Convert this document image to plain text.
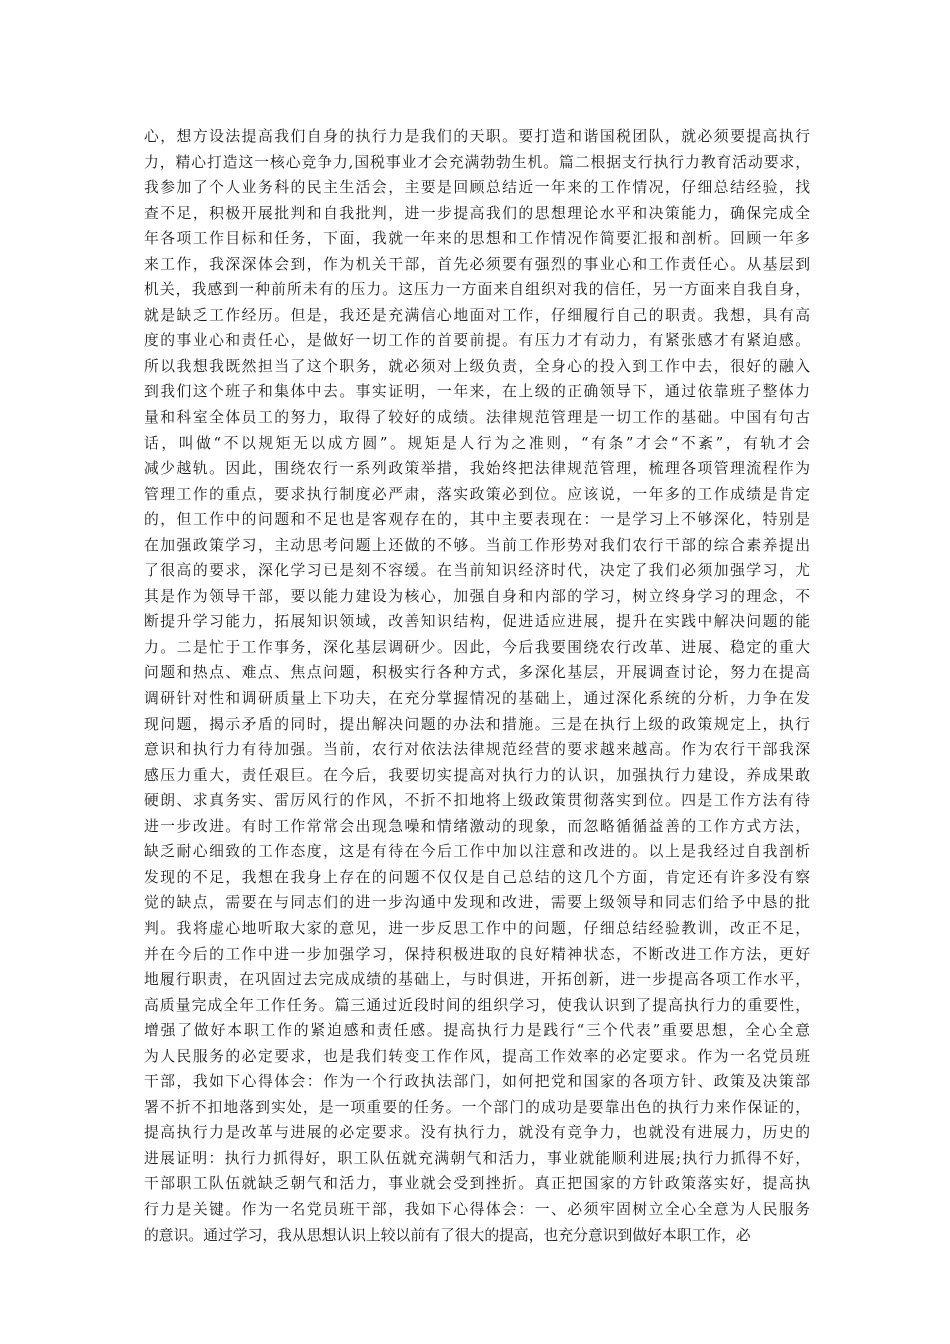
心，想方设法提高我们自身的执行力是我们的天职。要打造和谐国税团队，就必须要提高执行
力，精心打造这一核心竞争力,国税事业才会充满勃勃生机。篇二根据支行执行力教育活动要求，
我参加了个人业务科的民主生活会，主要是回顾总结近一年来的工作情况，仔细总结经验，找
查不足，积极开展批判和自我批判，进一步提高我们的思想理论水平和决策能力，确保完成全
年各项工作目标和任务，下面，我就一年来的思想和工作情况作简要汇报和剖析。回顾一年多
来工作，我深深体会到，作为机关干部，首先必须要有强烈的事业心和工作责任心。从基层到
机关，我感到一种前所未有的压力。这压力一方面来自组织对我的信任，另一方面来自我自身，
就是缺乏工作经历。但是，我还是充满信心地面对工作，仔细履行自己的职责。我想，具有高
度的事业心和责任心，是做好一切工作的首要前提。有压力才有动力，有紧张感才有紧迫感。
所以我想我既然担当了这个职务，就必须对上级负责，全身心的投入到工作中去，很好的融入
到我们这个班子和集体中去。事实证明，一年来，在上级的正确领导下，通过依靠班子整体力
量和科室全体员工的努力，取得了较好的成绩。法律规范管理是一切工作的基础。中国有句古
话，叫做“不以规矩无以成方圆”。规矩是人行为之准则，“有条”才会“不紊”，有轨才会
减少越轨。因此，围绕农行一系列政策举措，我始终把法律规范管理，梳理各项管理流程作为
管理工作的重点，要求执行制度必严肃，落实政策必到位。应该说，一年多的工作成绩是肯定
的，但工作中的问题和不足也是客观存在的，其中主要表现在：一是学习上不够深化，特别是
在加强政策学习，主动思考问题上还做的不够。当前工作形势对我们农行干部的综合素养提出
了很高的要求，深化学习已是刻不容缓。在当前知识经济时代，决定了我们必须加强学习，尤
其是作为领导干部，要以能力建设为核心，加强自身和内部的学习，树立终身学习的理念，不
断提升学习能力，拓展知识领域，改善知识结构，促进适应进展，提升在实践中解决问题的能
力。二是忙于工作事务，深化基层调研少。因此，今后我要围绕农行改革、进展、稳定的重大
问题和热点、难点、焦点问题，积极实行各种方式，多深化基层，开展调查讨论，努力在提高
调研针对性和调研质量上下功夫，在充分掌握情况的基础上，通过深化系统的分析，力争在发
现问题，揭示矛盾的同时，提出解决问题的办法和措施。三是在执行上级的政策规定上，执行
意识和执行力有待加强。当前，农行对依法法律规范经营的要求越来越高。作为农行干部我深
感压力重大，责任艰巨。在今后，我要切实提高对执行力的认识，加强执行力建设，养成果敢
硬朗、求真务实、雷厉风行的作风，不折不扣地将上级政策贯彻落实到位。四是工作方法有待
进一步改进。有时工作常常会出现急噪和情绪激动的现象，而忽略循循益善的工作方式方法，
缺乏耐心细致的工作态度，这是有待在今后工作中加以注意和改进的。以上是我经过自我剖析
发现的不足，我想在我身上存在的问题不仅仅是自己总结的这几个方面，肯定还有许多没有察
觉的缺点，需要在与同志们的进一步沟通中发现和改进，需要上级领导和同志们给予中恳的批
判。我将虚心地听取大家的意见，进一步反思工作中的问题，仔细总结经验教训，改正不足，
并在今后的工作中进一步加强学习，保持积极进取的良好精神状态，不断改进工作方法，更好
地履行职责，在巩固过去完成成绩的基础上，与时俱进，开拓创新，进一步提高各项工作水平，
高质量完成全年工作任务。篇三通过近段时间的组织学习，使我认识到了提高执行力的重要性，
增强了做好本职工作的紧迫感和责任感。提高执行力是践行“三个代表”重要思想，全心全意
为人民服务的必定要求，也是我们转变工作作风，提高工作效率的必定要求。作为一名党员班
干部，我如下心得体会：作为一个行政执法部门，如何把党和国家的各项方针、政策及决策部
署不折不扣地落到实处，是一项重要的任务。一个部门的成功是要靠出色的执行力来作保证的，
提高执行力是改革与进展的必定要求。没有执行力，就没有竞争力，也就没有进展力，历史的
进展证明：执行力抓得好，职工队伍就充满朝气和活力，事业就能顺利进展;执行力抓得不好，
干部职工队伍就缺乏朝气和活力，事业就会受到挫折。真正把国家的方针政策落实好，提高执
行力是关键。作为一名党员班干部，我如下心得体会：一、必须牢固树立全心全意为人民服务
的意识。通过学习，我从思想认识上较以前有了很大的提高，也充分意识到做好本职工作，必
